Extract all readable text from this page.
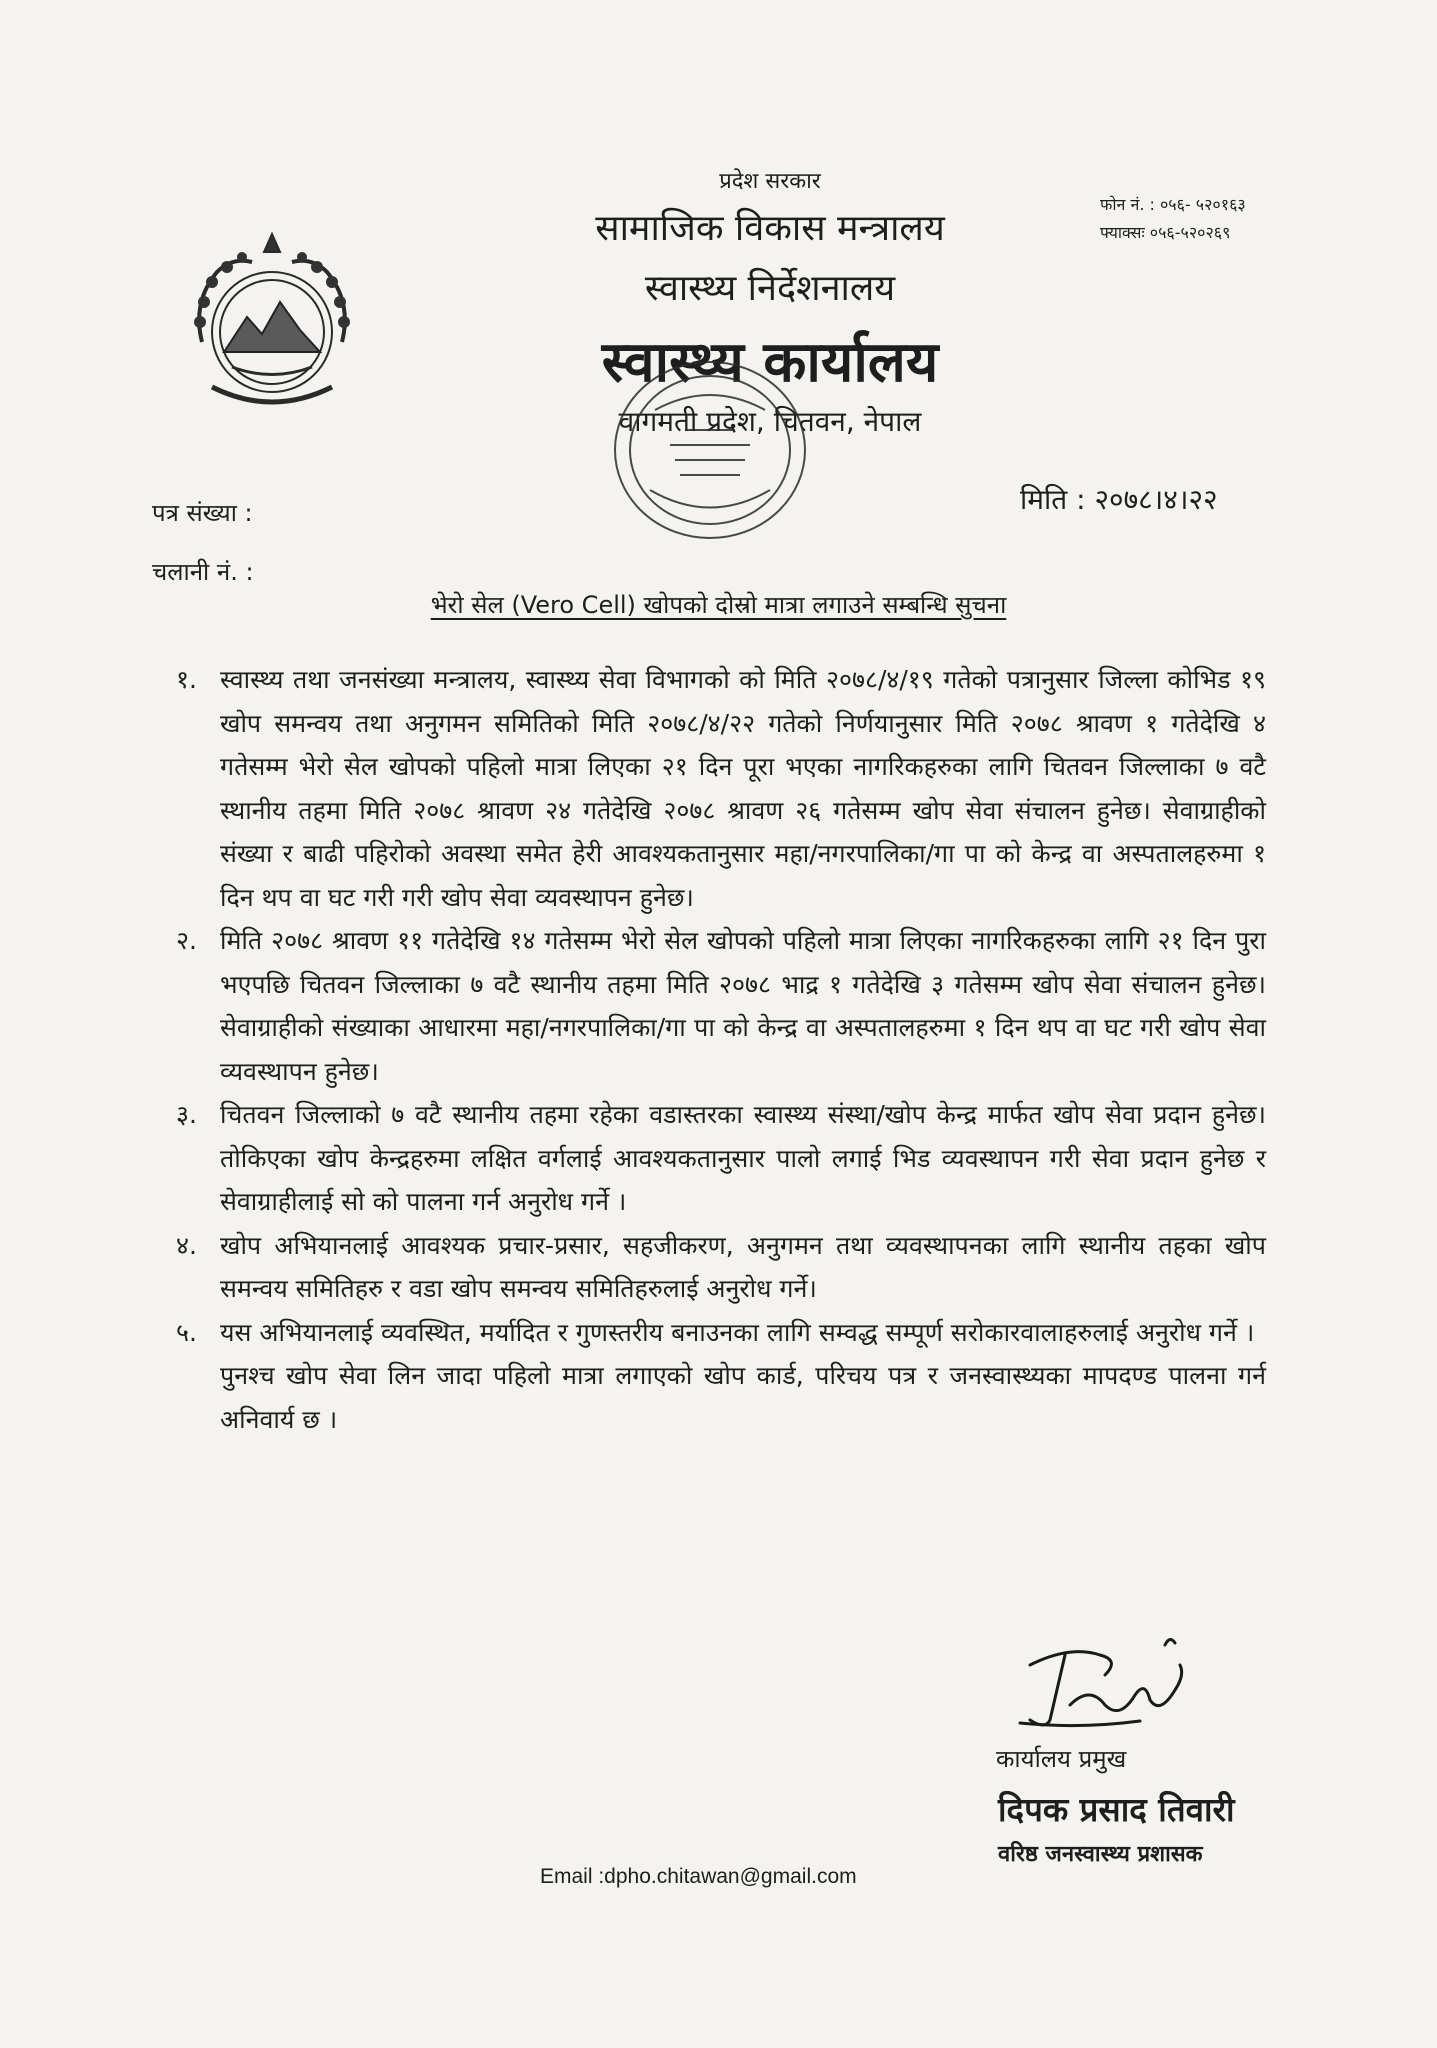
प्रदेश सरकार
सामाजिक विकास मन्त्रालय
स्वास्थ्य निर्देशनालय
स्वास्थ्य कार्यालय
वागमती प्रदेश, चितवन, नेपाल
फोन नं. : ०५६- ५२०१६३
फ्याक्सः ०५६-५२०२६९
पत्र संख्या :
चलानी नं. :
मिति : २०७८।४।२२
भेरो सेल (Vero Cell) खोपको दोस्रो मात्रा लगाउने सम्बन्धि सुचना
१. स्वास्थ्य तथा जनसंख्या मन्त्रालय, स्वास्थ्य सेवा विभागको को मिति २०७८/४/१९ गतेको पत्रानुसार जिल्ला कोभिड १९ खोप समन्वय तथा अनुगमन समितिको मिति २०७८/४/२२ गतेको निर्णयानुसार मिति २०७८ श्रावण १ गतेदेखि ४ गतेसम्म भेरो सेल खोपको पहिलो मात्रा लिएका २१ दिन पूरा भएका नागरिकहरुका लागि चितवन जिल्लाका ७ वटै स्थानीय तहमा मिति २०७८ श्रावण २४ गतेदेखि २०७८ श्रावण २६ गतेसम्म खोप सेवा संचालन हुनेछ। सेवाग्राहीको संख्या र बाढी पहिरोको अवस्था समेत हेरी आवश्यकतानुसार महा/नगरपालिका/गा पा को केन्द्र वा अस्पतालहरुमा १ दिन थप वा घट गरी गरी खोप सेवा व्यवस्थापन हुनेछ।
२. मिति २०७८ श्रावण ११ गतेदेखि १४ गतेसम्म भेरो सेल खोपको पहिलो मात्रा लिएका नागरिकहरुका लागि २१ दिन पुरा भएपछि चितवन जिल्लाका ७ वटै स्थानीय तहमा मिति २०७८ भाद्र १ गतेदेखि ३ गतेसम्म खोप सेवा संचालन हुनेछ। सेवाग्राहीको संख्याका आधारमा महा/नगरपालिका/गा पा को केन्द्र वा अस्पतालहरुमा १ दिन थप वा घट गरी खोप सेवा व्यवस्थापन हुनेछ।
३. चितवन जिल्लाको ७ वटै स्थानीय तहमा रहेका वडास्तरका स्वास्थ्य संस्था/खोप केन्द्र मार्फत खोप सेवा प्रदान हुनेछ। तोकिएका खोप केन्द्रहरुमा लक्षित वर्गलाई आवश्यकतानुसार पालो लगाई भिड व्यवस्थापन गरी सेवा प्रदान हुनेछ र सेवाग्राहीलाई सो को पालना गर्न अनुरोध गर्ने ।
४. खोप अभियानलाई आवश्यक प्रचार-प्रसार, सहजीकरण, अनुगमन तथा व्यवस्थापनका लागि स्थानीय तहका खोप समन्वय समितिहरु र वडा खोप समन्वय समितिहरुलाई अनुरोध गर्ने।
५. यस अभियानलाई व्यवस्थित, मर्यादित र गुणस्तरीय बनाउनका लागि सम्वद्ध सम्पूर्ण सरोकारवालाहरुलाई अनुरोध गर्ने ।
पुनश्च खोप सेवा लिन जादा पहिलो मात्रा लगाएको खोप कार्ड, परिचय पत्र र जनस्वास्थ्यका मापदण्ड पालना गर्न अनिवार्य छ ।
कार्यालय प्रमुख
दिपक प्रसाद तिवारी
वरिष्ठ जनस्वास्थ्य प्रशासक
Email :dpho.chitawan@gmail.com
